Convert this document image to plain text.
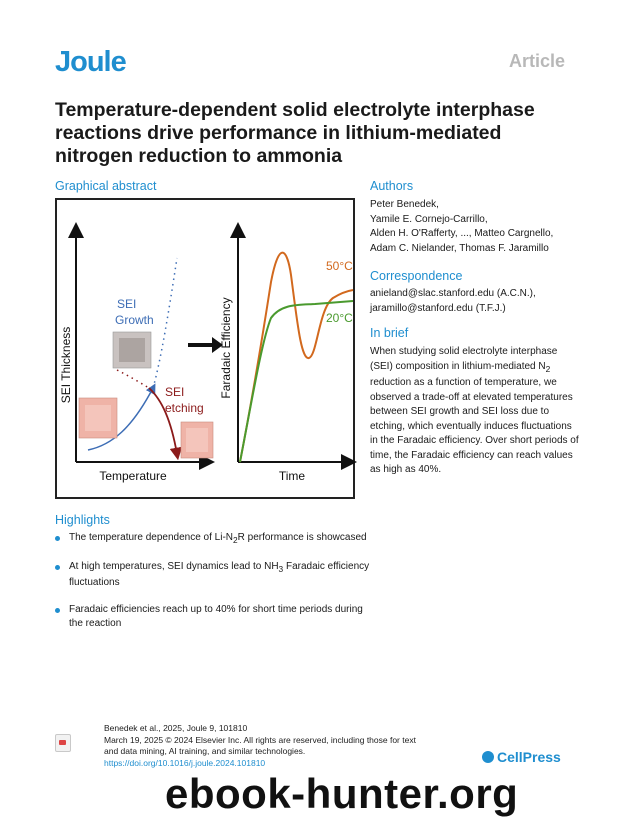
Joule	Article
Temperature-dependent solid electrolyte interphase
reactions drive performance in lithium-mediated
nitrogen reduction to ammonia
Graphical abstract
SEI Thickness
Temperature
SEI
Growth
SEI
etching
Faradaic Efficiency
Time
50°C
20°C
Authors
Peter Benedek,
Yamile E. Cornejo-Carrillo,
Alden H. O'Rafferty, ..., Matteo Cargnello,
Adam C. Nielander, Thomas F. Jaramillo
Correspondence
anieland@slac.stanford.edu (A.C.N.),
jaramillo@stanford.edu (T.F.J.)
In brief
When studying solid electrolyte interphase (SEI) composition in lithium-mediated $N_2$ reduction as a function of temperature, we observed a trade-off at elevated temperatures between SEI growth and SEI loss due to etching, which eventually induces fluctuations in the Faradaic efficiency. Over short periods of time, the Faradaic efficiency can reach values as high as 40%.
Highlights
The temperature dependence of $Li-N_2R$ performance is showcased
At high temperatures, SEI dynamics lead to $NH_3$ Faradaic efficiency fluctuations
Faradaic efficiencies reach up to 40% for short time periods during the reaction
Benedek et al., 2025, Joule 9, 101810
March 19, 2025 © 2024 Elsevier Inc. All rights are reserved, including those for text
and data mining, AI training, and similar technologies.
https://doi.org/10.1016/j.joule.2024.101810	CellPress
ebook-hunter.org
